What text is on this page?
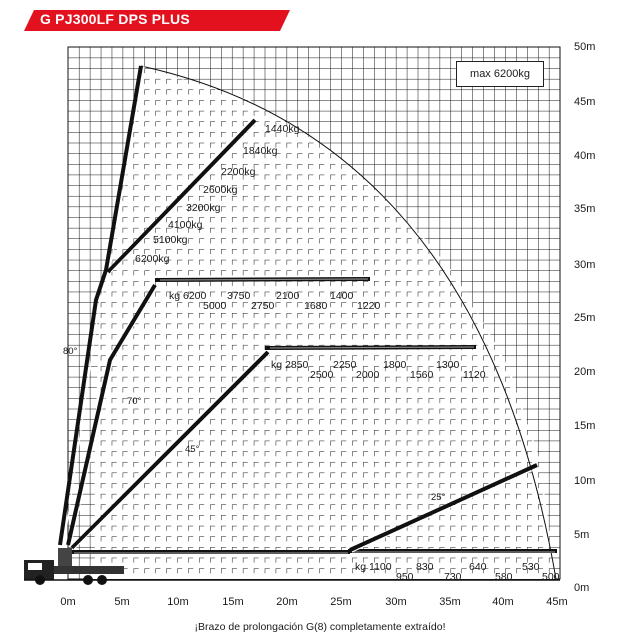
G PJ300LF DPS PLUS
max 6200kg
50m
45m
40m
35m
30m
25m
20m
15m
10m
5m
0m
0m	5m	10m	15m	20m	25m	30m	35m	40m	45m
80°
70°
45°
25°
1440kg
1840kg
2200kg
2600kg
3200kg
4100kg
5100kg
6200kg
kg 6200 3750 2100	1400
5000 2750	1680	1220
kg 2850 2250	1800	1300
2500 2000	1560	1120
kg 1100 830	640	530
950	730	580	500
¡Brazo de prolongación G(8) completamente extraído!
